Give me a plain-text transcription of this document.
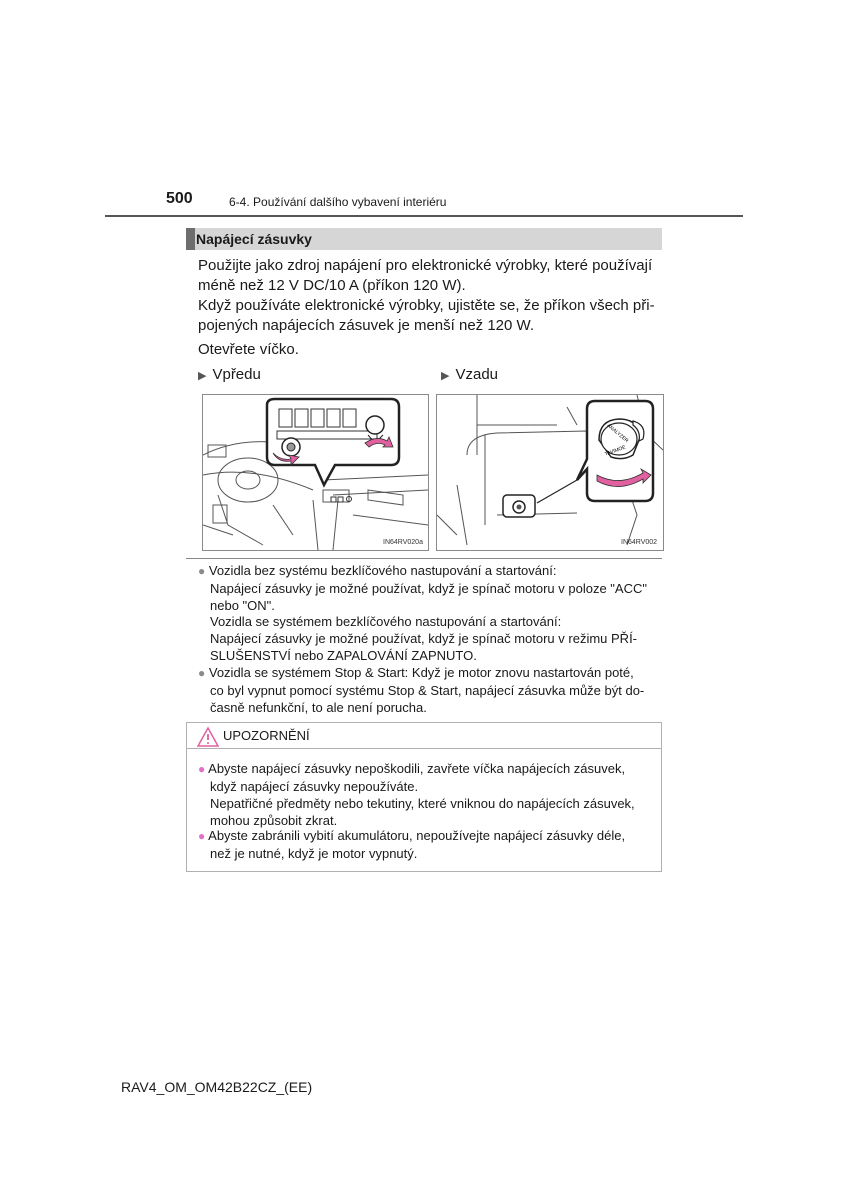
500	6-4. Používání dalšího vybavení interiéru
Napájecí zásuvky
Použijte jako zdroj napájení pro elektronické výrobky, které používají
méně než 12 V DC/10 A (příkon 120 W).
Když používáte elektronické výrobky, ujistěte se, že příkon všech při-
pojených napájecích zásuvek je menší než 120 W.
Otevřete víčko.
▶ Vpředu	▶ Vzadu
IN64RV020a
ANALYZER
TAVIMOE
IN64RV002
● Vozidla bez systému bezklíčového nastupování a startování:
Napájecí zásuvky je možné používat, když je spínač motoru v poloze "ACC"
nebo "ON".
Vozidla se systémem bezklíčového nastupování a startování:
Napájecí zásuvky je možné používat, když je spínač motoru v režimu PŘÍ-
SLUŠENSTVÍ nebo ZAPALOVÁNÍ ZAPNUTO.
● Vozidla se systémem Stop & Start: Když je motor znovu nastartován poté,
co byl vypnut pomocí systému Stop & Start, napájecí zásuvka může být do-
časně nefunkční, to ale není porucha.
UPOZORNĚNÍ
● Abyste napájecí zásuvky nepoškodili, zavřete víčka napájecích zásuvek,
když napájecí zásuvky nepoužíváte.
Nepatřičné předměty nebo tekutiny, které vniknou do napájecích zásuvek,
mohou způsobit zkrat.
● Abyste zabránili vybití akumulátoru, nepoužívejte napájecí zásuvky déle,
než je nutné, když je motor vypnutý.
RAV4_OM_OM42B22CZ_(EE)
